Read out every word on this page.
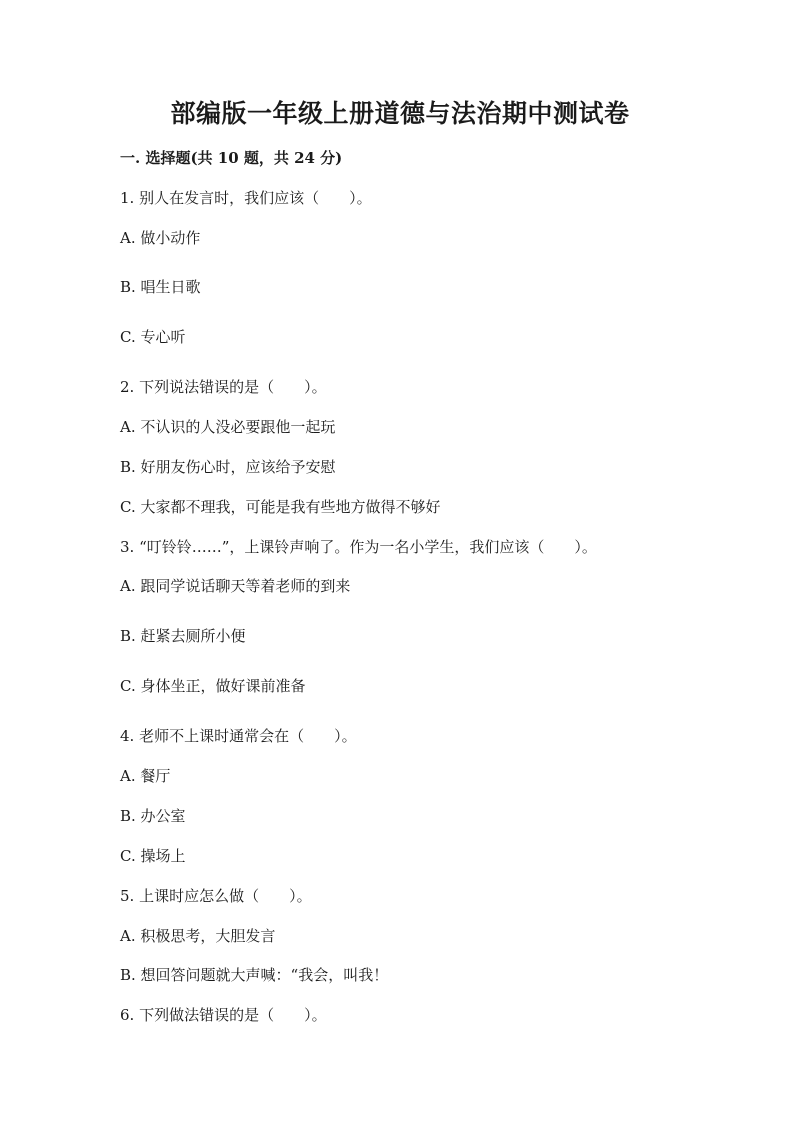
部编版一年级上册道德与法治期中测试卷

一. 选择题(共 10 题，共 24 分)

1. 别人在发言时，我们应该（　　）。

A. 做小动作

B. 唱生日歌

C. 专心听

2. 下列说法错误的是（　　）。

A. 不认识的人没必要跟他一起玩

B. 好朋友伤心时，应该给予安慰

C. 大家都不理我，可能是我有些地方做得不够好

3. “叮铃铃……”，上课铃声响了。作为一名小学生，我们应该（　　）。

A. 跟同学说话聊天等着老师的到来

B. 赶紧去厕所小便

C. 身体坐正，做好课前准备

4. 老师不上课时通常会在（　　）。

A. 餐厅

B. 办公室

C. 操场上

5. 上课时应怎么做（　　）。

A. 积极思考，大胆发言

B. 想回答问题就大声喊：“我会，叫我！

6. 下列做法错误的是（　　）。
